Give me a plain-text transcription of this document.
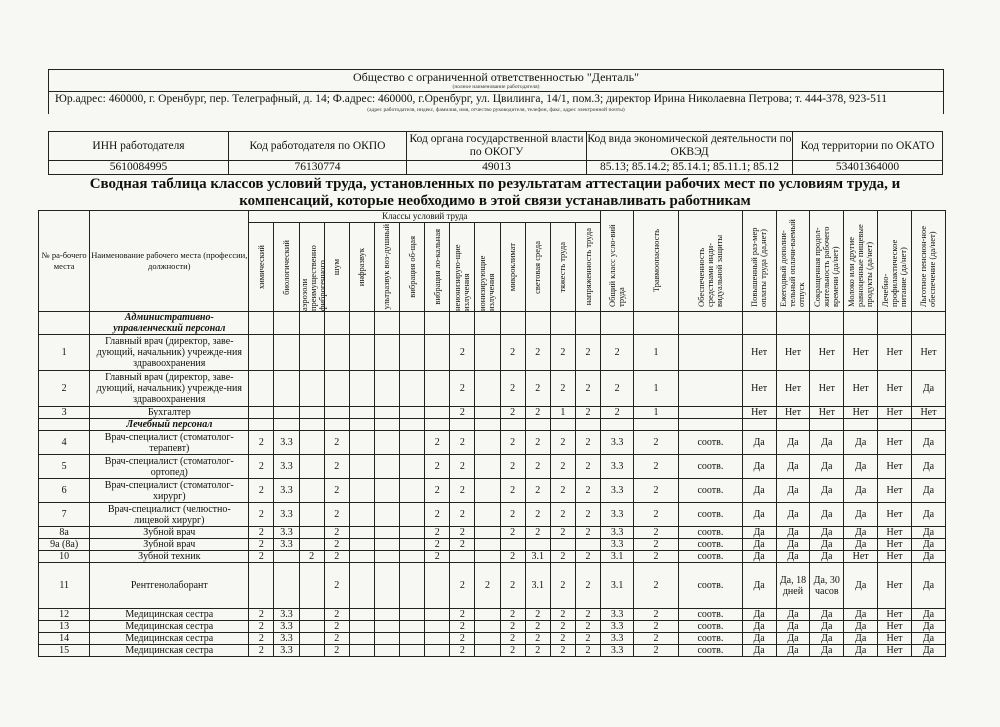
Общество с ограниченной ответственностью "Денталь"
(полное наименование работодателя)
Юр.адрес: 460000, г. Оренбург, пер. Телеграфный, д. 14; Ф.адрес: 460000, г.Оренбург, ул. Цвилинга, 14/1, пом.3; директор Ирина Николаевна Петрова; т. 444-378, 923-511
(адрес работодателя, индекс, фамилия, имя, отчество руководителя, телефон, факс, адрес электронной почты)
ИНН работодателя	Код работодателя по ОКПО	Код органа государственной власти по ОКОГУ	Код вида экономической деятельности по ОКВЭД	Код территории по ОКАТО
5610084995	76130774	49013	85.13; 85.14.2; 85.14.1; 85.11.1; 85.12	53401364000
Сводная таблица классов условий труда, установленных по результатам аттестации рабочих мест по условиям труда, и компенсаций, которые необходимо в этой связи устанавливать работникам
№ ра-бочего места	Наименование рабочего места (профессии, должности)	Классы условий труда														Общий класс усло-вий труда	Травмоопасность	Обеспеченность средствами инди-видуальной защиты	Повышенный раз-мер оплаты труда (да,нет)	Ежегодный дополни-тельный оплачи-ваемый отпуск	Сокращенная продол-жительность рабочего времени (да/нет)	Молоко или другие равноценные пищевые продукты (да/нет)	Лечебно-профилактическое питание (да/нет)	Льготное пенсион-ное обеспечение (да/нет)

		химический	биологический	аэрозоли преимущественно фиброгенного	шум	инфразвук	ультразвук воз-душный	вибрация об-щая	вибрация ло-кальная	неионизирую-щие излучения	ионизирующие излучения	микроклимат	световая среда	тяжесть труда	напряженность труда									

	Административно-управленческий персонал																							
1	Главный врач (директор, заве-дующий, начальник) учрежде-ния здравоохранения									2		2	2	2	2	2	1		Нет	Нет	Нет	Нет	Нет	Нет
2	Главный врач (директор, заве-дующий, начальник) учрежде-ния здравоохранения									2		2	2	2	2	2	1		Нет	Нет	Нет	Нет	Нет	Да
3	Бухгалтер									2		2	2	1	2	2	1		Нет	Нет	Нет	Нет	Нет	Нет
	Лечебный персонал																							
4	Врач-специалист (стоматолог-терапевт)	2	3.3		2				2	2		2	2	2	2	3.3	2	соотв.	Да	Да	Да	Да	Нет	Да
5	Врач-специалист (стоматолог-ортопед)	2	3.3		2				2	2		2	2	2	2	3.3	2	соотв.	Да	Да	Да	Да	Нет	Да
6	Врач-специалист (стоматолог-хирург)	2	3.3		2				2	2		2	2	2	2	3.3	2	соотв.	Да	Да	Да	Да	Нет	Да
7	Врач-специалист (челюстно-лицевой хирург)	2	3.3		2				2	2		2	2	2	2	3.3	2	соотв.	Да	Да	Да	Да	Нет	Да
8а	Зубной врач	2	3.3		2				2	2		2	2	2	2	3.3	2	соотв.	Да	Да	Да	Да	Нет	Да
9а (8а)	Зубной врач	2	3.3		2				2	2						3.3	2	соотв.	Да	Да	Да	Да	Нет	Да
10	Зубной техник	2		2	2				2			2	3.1	2	2	3.1	2	соотв.	Да	Да	Да	Нет	Нет	Да
11	Рентгенолаборант				2					2	2	2	3.1	2	2	3.1	2	соотв.	Да	Да, 18 дней	Да, 30 часов	Да	Нет	Да
12	Медицинская сестра	2	3.3		2					2		2	2	2	2	3.3	2	соотв.	Да	Да	Да	Да	Нет	Да
13	Медицинская сестра	2	3.3		2					2		2	2	2	2	3.3	2	соотв.	Да	Да	Да	Да	Нет	Да
14	Медицинская сестра	2	3.3		2					2		2	2	2	2	3.3	2	соотв.	Да	Да	Да	Да	Нет	Да
15	Медицинская сестра	2	3.3		2					2		2	2	2	2	3.3	2	соотв.	Да	Да	Да	Да	Нет	Да
